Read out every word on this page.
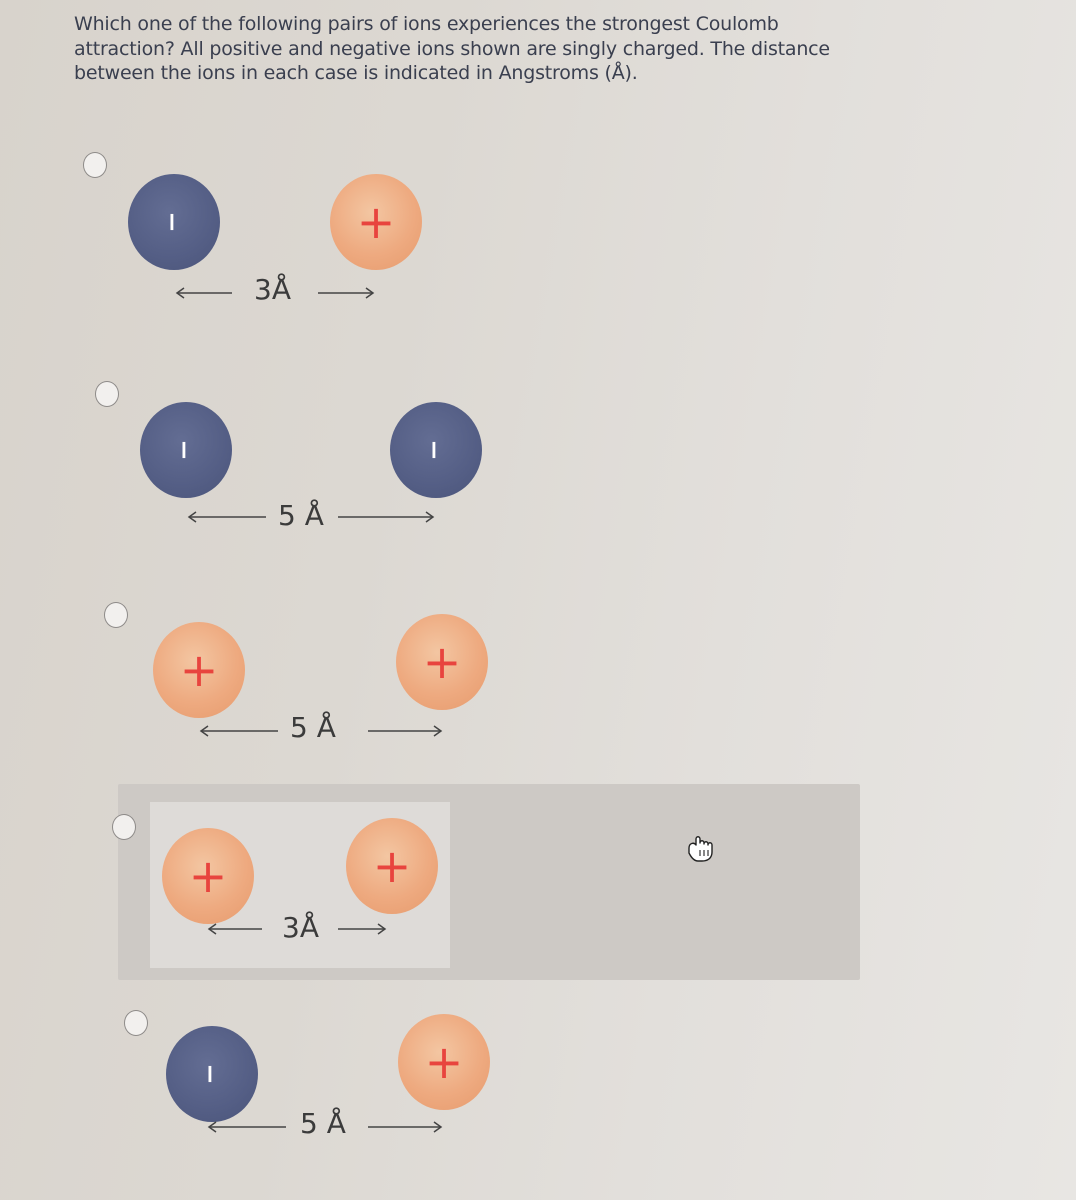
Which one of the following pairs of ions experiences the strongest Coulomb attraction? All positive and negative ions shown are singly charged. The distance between the ions in each case is indicated in Angstroms (Å).
–	+
3Å
–	–
5 Å
+	+
5 Å
+	+
3Å
–	+
5 Å
